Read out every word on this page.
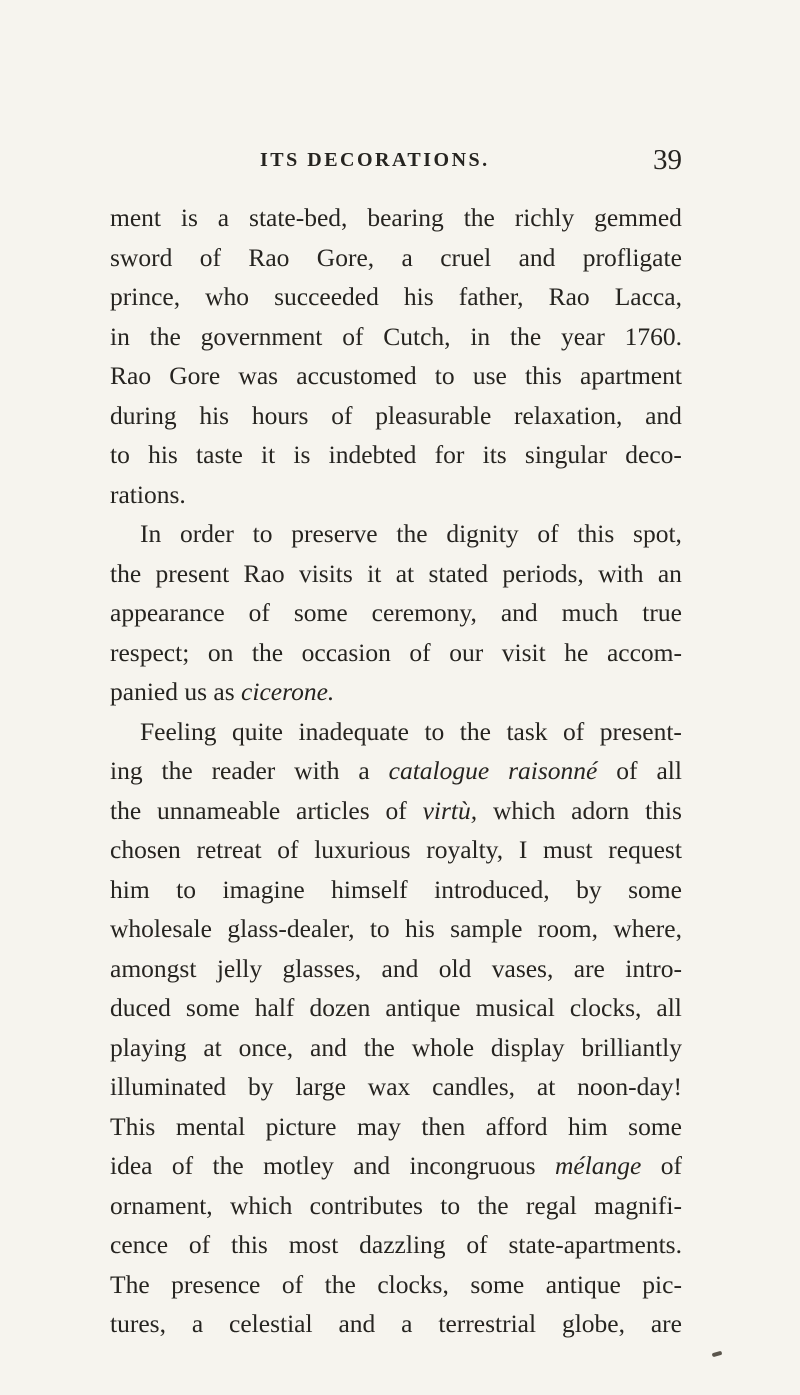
ITS DECORATIONS.	39
ment is a state-bed, bearing the richly gemmed
sword of Rao Gore, a cruel and profligate
prince, who succeeded his father, Rao Lacca,
in the government of Cutch, in the year 1760.
Rao Gore was accustomed to use this apartment
during his hours of pleasurable relaxation, and
to his taste it is indebted for its singular deco-
rations.
In order to preserve the dignity of this spot,
the present Rao visits it at stated periods, with an
appearance of some ceremony, and much true
respect; on the occasion of our visit he accom-
panied
us
as
cicerone.
Feeling quite inadequate to the task of present-
ing the reader with a catalogue raisonné of all
the unnameable articles of virtù, which adorn this
chosen retreat of luxurious royalty, I must request
him to imagine himself introduced, by some
wholesale glass-dealer, to his sample room, where,
amongst jelly glasses, and old vases, are intro-
duced some half dozen antique musical clocks, all
playing at once, and the whole display brilliantly
illuminated by large wax candles, at noon-day!
This mental picture may then afford him some
idea of the motley and incongruous mélange of
ornament, which contributes to the regal magnifi-
cence of this most dazzling of state-apartments.
The presence of the clocks, some antique pic-
tures, a celestial and a terrestrial globe, are
